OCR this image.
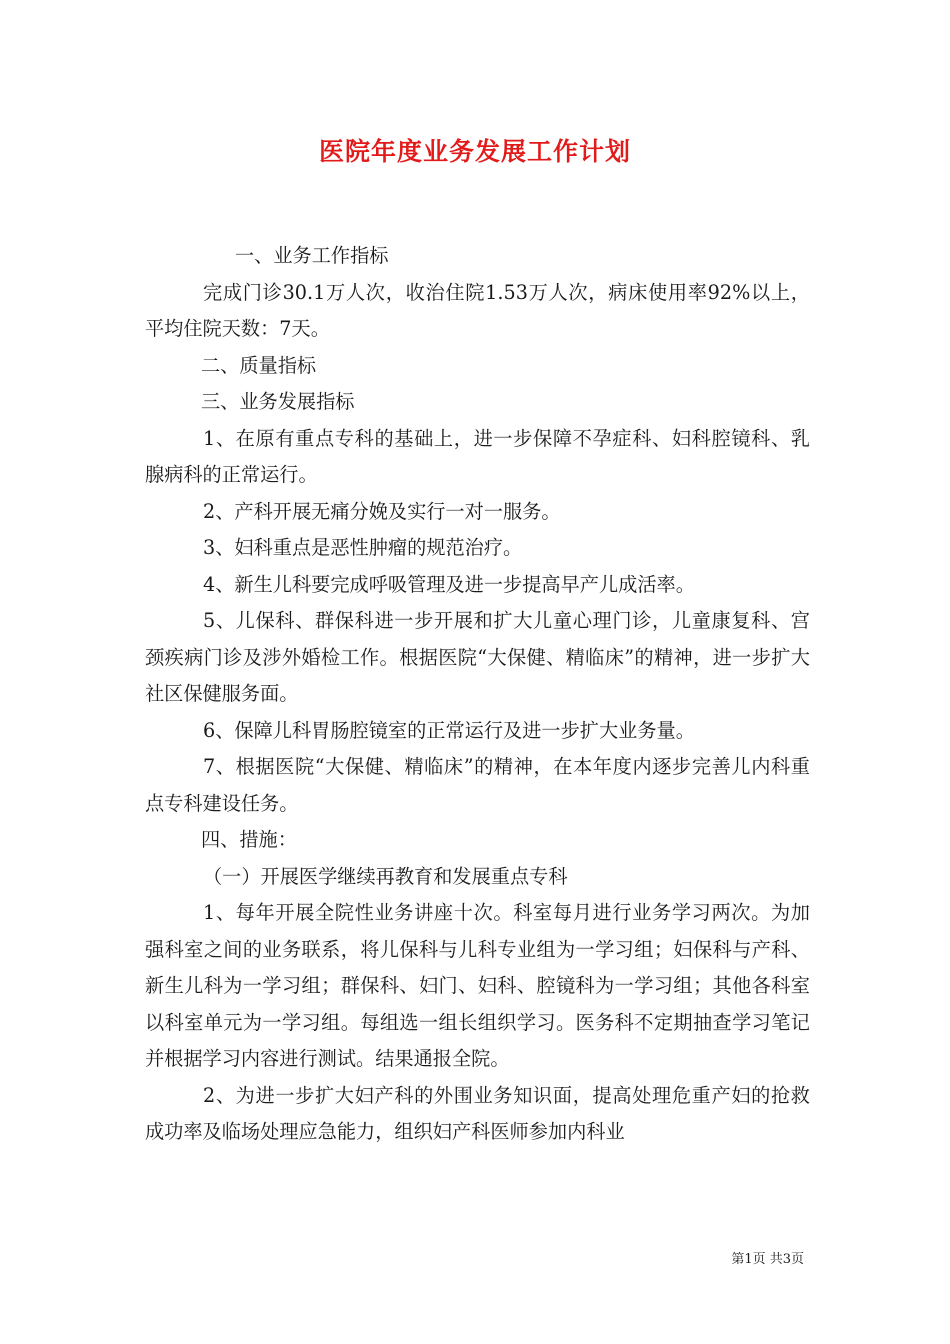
医院年度业务发展工作计划

一、业务工作指标

完成门诊30.1万人次，收治住院1.53万人次，病床使用率92%以上，平均住院天数：7天。

二、质量指标

三、业务发展指标

1、在原有重点专科的基础上，进一步保障不孕症科、妇科腔镜科、乳腺病科的正常运行。

2、产科开展无痛分娩及实行一对一服务。

3、妇科重点是恶性肿瘤的规范治疗。

4、新生儿科要完成呼吸管理及进一步提高早产儿成活率。

5、儿保科、群保科进一步开展和扩大儿童心理门诊，儿童康复科、宫颈疾病门诊及涉外婚检工作。根据医院“大保健、精临床”的精神，进一步扩大社区保健服务面。

6、保障儿科胃肠腔镜室的正常运行及进一步扩大业务量。

7、根据医院“大保健、精临床”的精神，在本年度内逐步完善儿内科重点专科建设任务。

四、措施：

（一）开展医学继续再教育和发展重点专科

1、每年开展全院性业务讲座十次。科室每月进行业务学习两次。为加强科室之间的业务联系，将儿保科与儿科专业组为一学习组；妇保科与产科、新生儿科为一学习组；群保科、妇门、妇科、腔镜科为一学习组；其他各科室以科室单元为一学习组。每组选一组长组织学习。医务科不定期抽查学习笔记并根据学习内容进行测试。结果通报全院。

2、为进一步扩大妇产科的外围业务知识面，提高处理危重产妇的抢救成功率及临场处理应急能力，组织妇产科医师参加内科业

第1页 共3页
